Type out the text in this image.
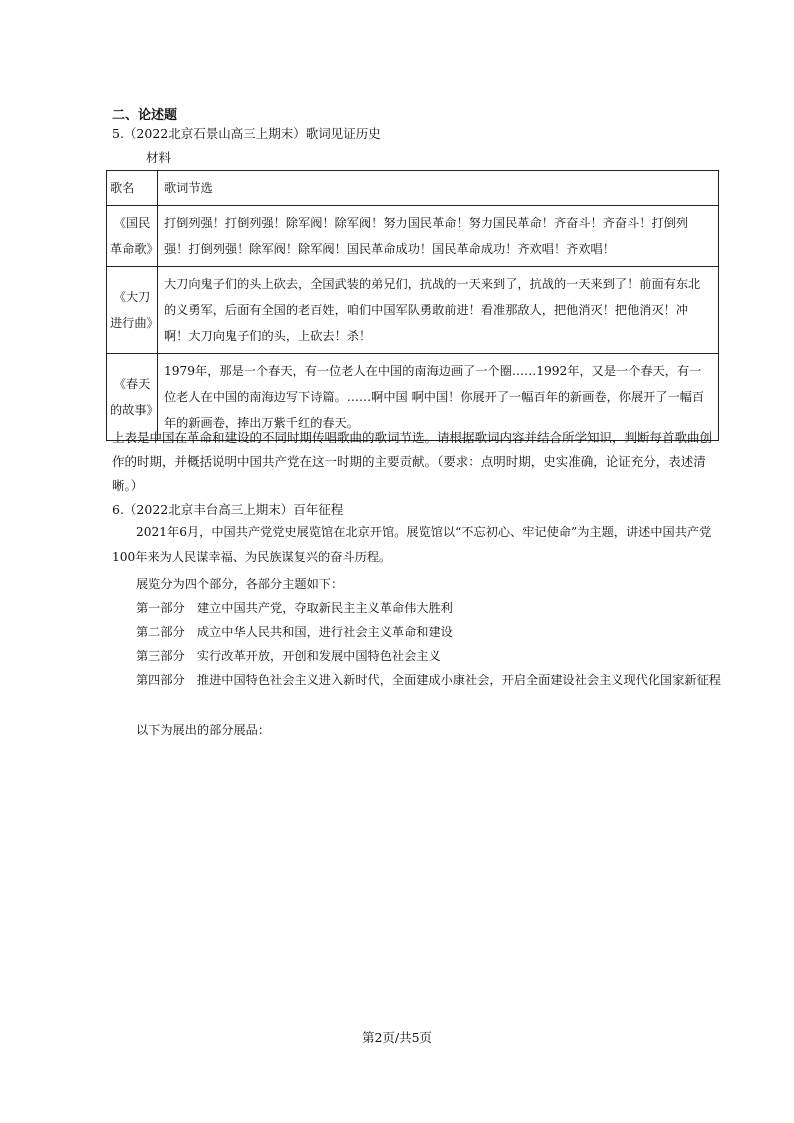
二、论述题
5.（2022北京石景山高三上期末）歌词见证历史
材料
歌名	歌词节选
《国民革命歌》	打倒列强！打倒列强！除军阀！除军阀！努力国民革命！努力国民革命！齐奋斗！齐奋斗！打倒列强！打倒列强！除军阀！除军阀！国民革命成功！国民革命成功！齐欢唱！齐欢唱！
《大刀进行曲》	大刀向鬼子们的头上砍去，全国武装的弟兄们，抗战的一天来到了，抗战的一天来到了！前面有东北的义勇军，后面有全国的老百姓，咱们中国军队勇敢前进！看准那敌人，把他消灭！把他消灭！冲啊！大刀向鬼子们的头，上砍去！杀！
《春天的故事》	1979年，那是一个春天，有一位老人在中国的南海边画了一个圈……1992年，又是一个春天，有一位老人在中国的南海边写下诗篇。……啊中国 啊中国！你展开了一幅百年的新画卷，你展开了一幅百年的新画卷，捧出万紫千红的春天。
上表是中国在革命和建设的不同时期传唱歌曲的歌词节选。请根据歌词内容并结合所学知识，判断每首歌曲创作的时期，并概括说明中国共产党在这一时期的主要贡献。（要求：点明时期，史实准确，论证充分，表述清晰。）
6.（2022北京丰台高三上期末）百年征程
2021年6月，中国共产党党史展览馆在北京开馆。展览馆以“不忘初心、牢记使命”为主题，讲述中国共产党100年来为人民谋幸福、为民族谋复兴的奋斗历程。
展览分为四个部分，各部分主题如下：
第一部分　建立中国共产党，夺取新民主主义革命伟大胜利
第二部分　成立中华人民共和国，进行社会主义革命和建设
第三部分　实行改革开放，开创和发展中国特色社会主义
第四部分　推进中国特色社会主义进入新时代，全面建成小康社会，开启全面建设社会主义现代化国家新征程
以下为展出的部分展品：
第2页/共5页
